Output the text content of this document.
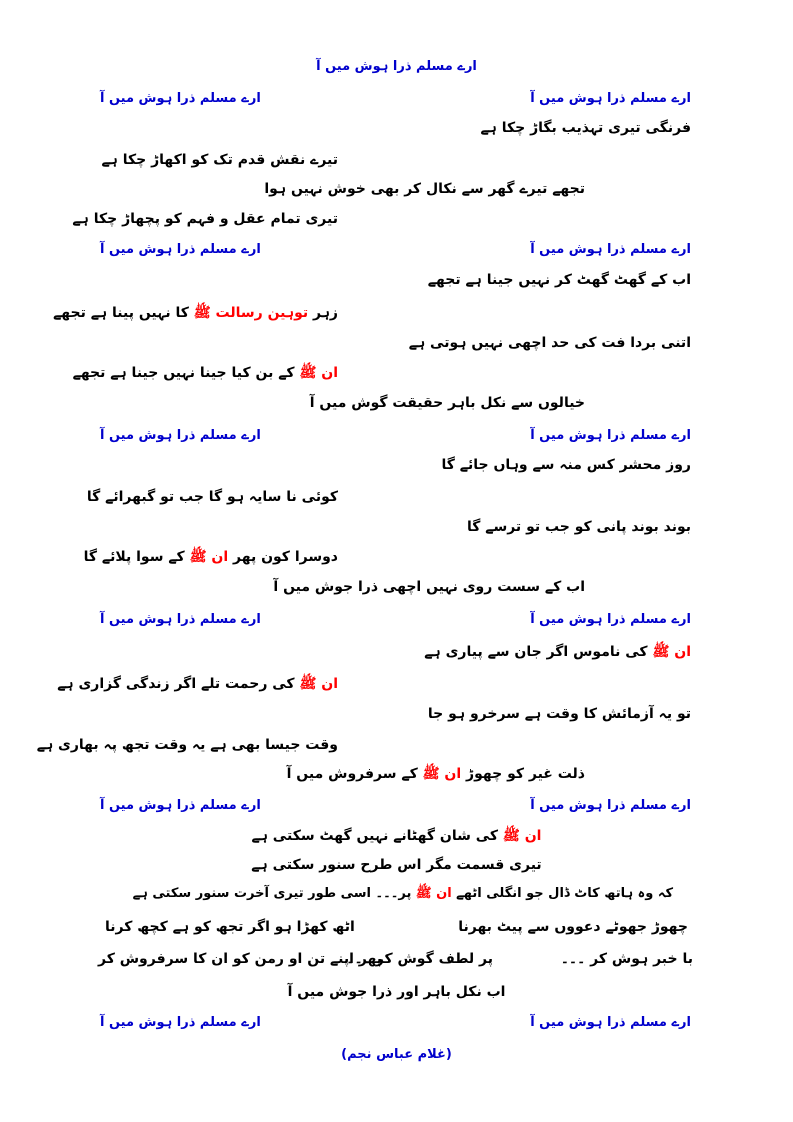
ارے مسلم ذرا ہوش میں آ
ارے مسلم ذرا ہوش میں آ
ارے مسلم ذرا ہوش میں آ
فرنگی تیری تہذیب بگاڑ چکا ہے
تیرے نقش قدم تک کو اکھاڑ چکا ہے
تجھے تیرے گھر سے نکال کر بھی خوش نہیں ہوا
تیری تمام عقل و فہم کو پچھاڑ چکا ہے
ارے مسلم ذرا ہوش میں آ
ارے مسلم ذرا ہوش میں آ
اب کے گھٹ گھٹ کر نہیں جینا ہے تجھے
زہر توہین رسالت ﷺ کا نہیں پینا ہے تجھے
اتنی بردا فت کی حد اچھی نہیں ہوتی ہے
ان ﷺ کے بن کیا جینا نہیں جینا ہے تجھے
خیالوں سے نکل باہر حقیقت گوش میں آ
ارے مسلم ذرا ہوش میں آ
ارے مسلم ذرا ہوش میں آ
روز محشر کس منہ سے وہاں جائے گا
کوئی نا سایہ ہو گا جب تو گبھرائے گا
بوند بوند پانی کو جب تو ترسے گا
دوسرا کون پھر ان ﷺ کے سوا پلائے گا
اب کے سست روی نہیں اچھی ذرا جوش میں آ
ارے مسلم ذرا ہوش میں آ
ارے مسلم ذرا ہوش میں آ
ان ﷺ کی ناموس اگر جان سے پیاری ہے
ان ﷺ کی رحمت تلے اگر زندگی گزاری ہے
تو یہ آزمائش کا وقت ہے سرخرو ہو جا
وقت جیسا بھی ہے یہ وقت تجھ پہ بھاری ہے
ذلت غیر کو چھوڑ ان ﷺ کے سرفروش میں آ
ارے مسلم ذرا ہوش میں آ
ارے مسلم ذرا ہوش میں آ
ان ﷺ کی شان گھٹانے نہیں گھٹ سکتی ہے
تیری قسمت مگر اس طرح سنور سکتی ہے
کہ وہ ہاتھ کاٹ ڈال جو انگلی اٹھے ان ﷺ پر۔۔۔ اسی طور تیری آخرت سنور سکتی ہے
چھوڑ جھوٹے دعووں سے پیٹ بھرنا
اٹھ کھڑا ہو اگر تجھ کو ہے کچھ کرنا
با خبر ہوش کر ۔۔۔
پر لطف گوش کر ۔۔۔
پھر اپنے تن او رمن کو ان کا سرفروش کر
اب نکل باہر اور ذرا جوش میں آ
ارے مسلم ذرا ہوش میں آ
ارے مسلم ذرا ہوش میں آ
(غلام عباس نجم)
